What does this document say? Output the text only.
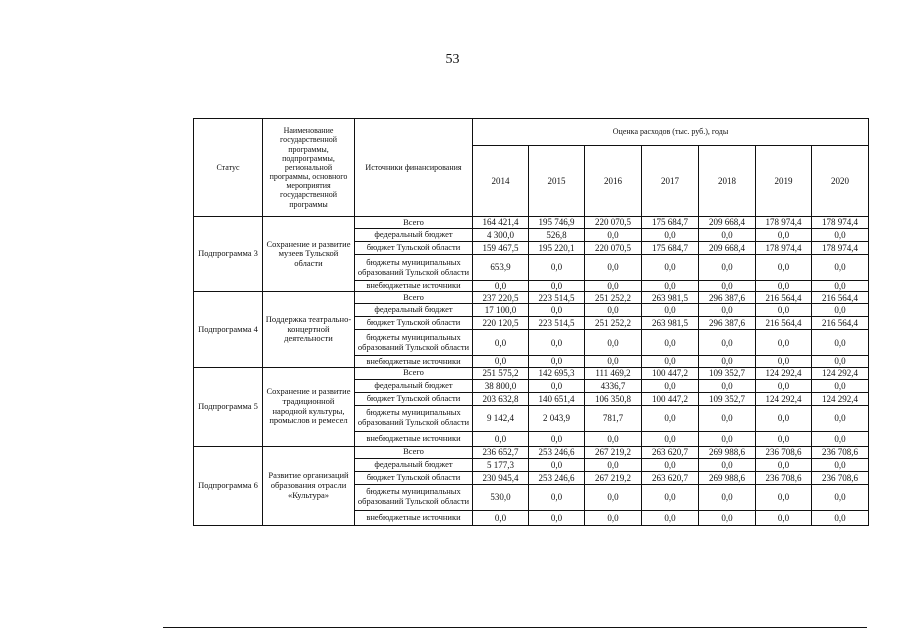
53
Статус	Наименование государственной программы, подпрограммы, региональной программы, основного мероприятия государственной программы	Источники финансирования	Оценка расходов (тыс. руб.), годы						
			2014	2015	2016	2017	2018	2019	2020
Подпрограмма 3	Сохранение и развитие музеев Тульской области	Всего	164 421,4	195 746,9	220 070,5	175 684,7	209 668,4	178 974,4	178 974,4
		федеральный бюджет	4 300,0	526,8	0,0	0,0	0,0	0,0	0,0
		бюджет Тульской области	159 467,5	195 220,1	220 070,5	175 684,7	209 668,4	178 974,4	178 974,4
		бюджеты муниципальных образований Тульской области	653,9	0,0	0,0	0,0	0,0	0,0	0,0
		внебюджетные источники	0,0	0,0	0,0	0,0	0,0	0,0	0,0
Подпрограмма 4	Поддержка театрально-концертной деятельности	Всего	237 220,5	223 514,5	251 252,2	263 981,5	296 387,6	216 564,4	216 564,4
		федеральный бюджет	17 100,0	0,0	0,0	0,0	0,0	0,0	0,0
		бюджет Тульской области	220 120,5	223 514,5	251 252,2	263 981,5	296 387,6	216 564,4	216 564,4
		бюджеты муниципальных образований Тульской области	0,0	0,0	0,0	0,0	0,0	0,0	0,0
		внебюджетные источники	0,0	0,0	0,0	0,0	0,0	0,0	0,0
Подпрограмма 5	Сохранение и развитие традиционной народной культуры, промыслов и ремесел	Всего	251 575,2	142 695,3	111 469,2	100 447,2	109 352,7	124 292,4	124 292,4
		федеральный бюджет	38 800,0	0,0	4336,7	0,0	0,0	0,0	0,0
		бюджет Тульской области	203 632,8	140 651,4	106 350,8	100 447,2	109 352,7	124 292,4	124 292,4
		бюджеты муниципальных образований Тульской области	9 142,4	2 043,9	781,7	0,0	0,0	0,0	0,0
		внебюджетные источники	0,0	0,0	0,0	0,0	0,0	0,0	0,0
Подпрограмма 6	Развитие организаций образования отрасли «Культура»	Всего	236 652,7	253 246,6	267 219,2	263 620,7	269 988,6	236 708,6	236 708,6
		федеральный бюджет	5 177,3	0,0	0,0	0,0	0,0	0,0	0,0
		бюджет Тульской области	230 945,4	253 246,6	267 219,2	263 620,7	269 988,6	236 708,6	236 708,6
		бюджеты муниципальных образований Тульской области	530,0	0,0	0,0	0,0	0,0	0,0	0,0
		внебюджетные источники	0,0	0,0	0,0	0,0	0,0	0,0	0,0
